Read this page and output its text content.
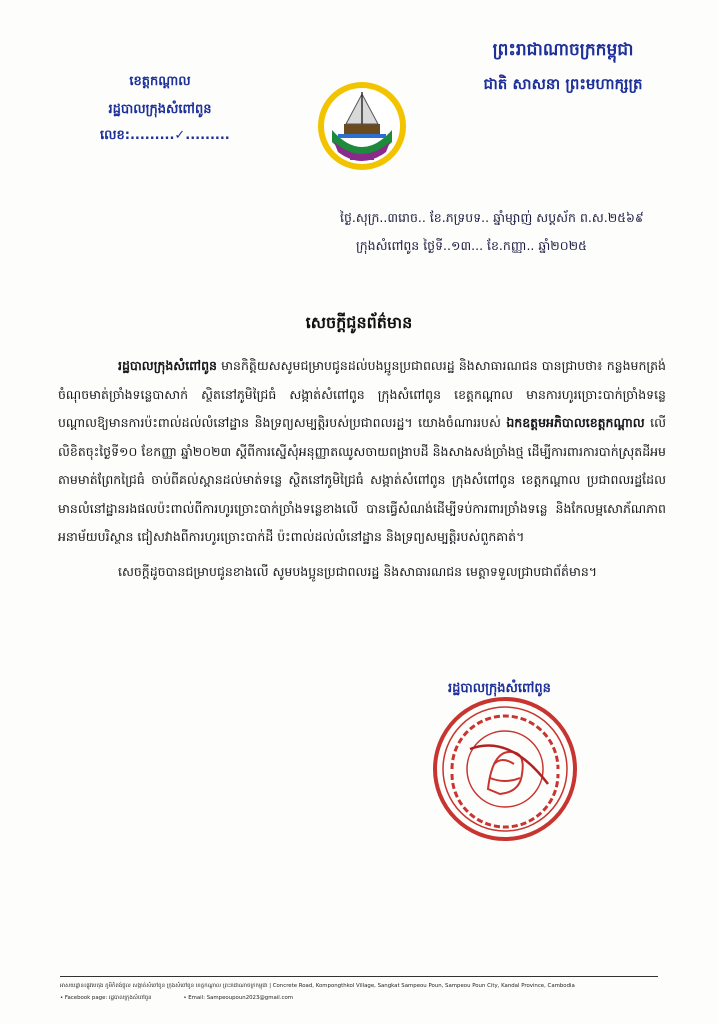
ព្រះរាជាណាចក្រកម្ពុជា
ជាតិ សាសនា ព្រះមហាក្សត្រ
ខេត្តកណ្តាល
រដ្ឋបាលក្រុងសំពៅពូន
លេខ:.........✓.........
ថ្ងៃ.សុក្រ..៣រោច.. ខែ.ភទ្របទ.. ឆ្នាំម្សាញ់ សប្តស័ក ព.ស.២៥៦៩
ក្រុងសំពៅពូន ថ្ងៃទី..១៣... ខែ.កញ្ញា.. ឆ្នាំ២០២៥
សេចក្តីជូនព័ត៌មាន

រដ្ឋបាលក្រុងសំពៅពូន មានកិត្តិយសសូមជម្រាបជូនដល់បងប្អូនប្រជាពលរដ្ឋ និងសាធារណជន បានជ្រាបថា៖ កន្លងមកត្រង់ចំណុចមាត់ច្រាំងទន្លេបាសាក់ ស្ថិតនៅភូមិជ្រៃធំ សង្កាត់សំពៅពូន ក្រុងសំពៅពូន ខេត្តកណ្តាល មានការហូរច្រោះបាក់ច្រាំងទន្លេ បណ្តាលឱ្យមានការប៉ះពាល់ដល់លំនៅដ្ឋាន និងទ្រព្យសម្បត្តិរបស់ប្រជាពលរដ្ឋ។ យោងចំណាររបស់ ឯកឧត្តមអភិបាលខេត្តកណ្តាល លើលិខិតចុះថ្ងៃទី១០ ខែកញ្ញា ឆ្នាំ២០២៣ ស្តីពីការស្នើសុំអនុញ្ញាតឈូសចាយពង្រាបដី និងសាងសង់ច្រាំងថ្ម ដើម្បីការពារការបាក់ស្រុតដីអមតាមមាត់ព្រែកជ្រៃធំ ចាប់ពីគល់ស្ពានដល់មាត់ទន្លេ ស្ថិតនៅភូមិជ្រៃធំ សង្កាត់សំពៅពូន ក្រុងសំពៅពូន ខេត្តកណ្តាល ប្រជាពលរដ្ឋដែលមានលំនៅដ្ឋានរងផលប៉ះពាល់ពីការហូរច្រោះបាក់ច្រាំងទន្លេខាងលើ បានធ្វើសំណង់ដើម្បីទប់ការពារច្រាំងទន្លេ និងកែលម្អសោភ័ណភាពអនាម័យបរិស្ថាន ជៀសវាងពីការហូរច្រោះបាក់ដី ប៉ះពាល់ដល់លំនៅដ្ឋាន និងទ្រព្យសម្បត្តិរបស់ពួកគាត់។

សេចក្តីដូចបានជម្រាបជូនខាងលើ សូមបងប្អូនប្រជាពលរដ្ឋ និងសាធារណជន មេត្តាទទួលជ្រាបជាព័ត៌មាន។

រដ្ឋបាលក្រុងសំពៅពូន
អាសយដ្ឋាន៖ផ្លូវបេតុង ភូមិកំពង់ថ្កុល សង្កាត់សំពៅពូន ក្រុងសំពៅពូន ខេត្តកណ្តាល ព្រះរាជាណាចក្រកម្ពុជា | Concrete Road, Kompongthkol Village, Sangkat Sampeou Poun, Sampeou Poun City, Kandal Province, Cambodia
• Facebook page: រដ្ឋបាលក្រុងសំពៅពូន	• Email: Sampeoupoun2023@gmail.com
